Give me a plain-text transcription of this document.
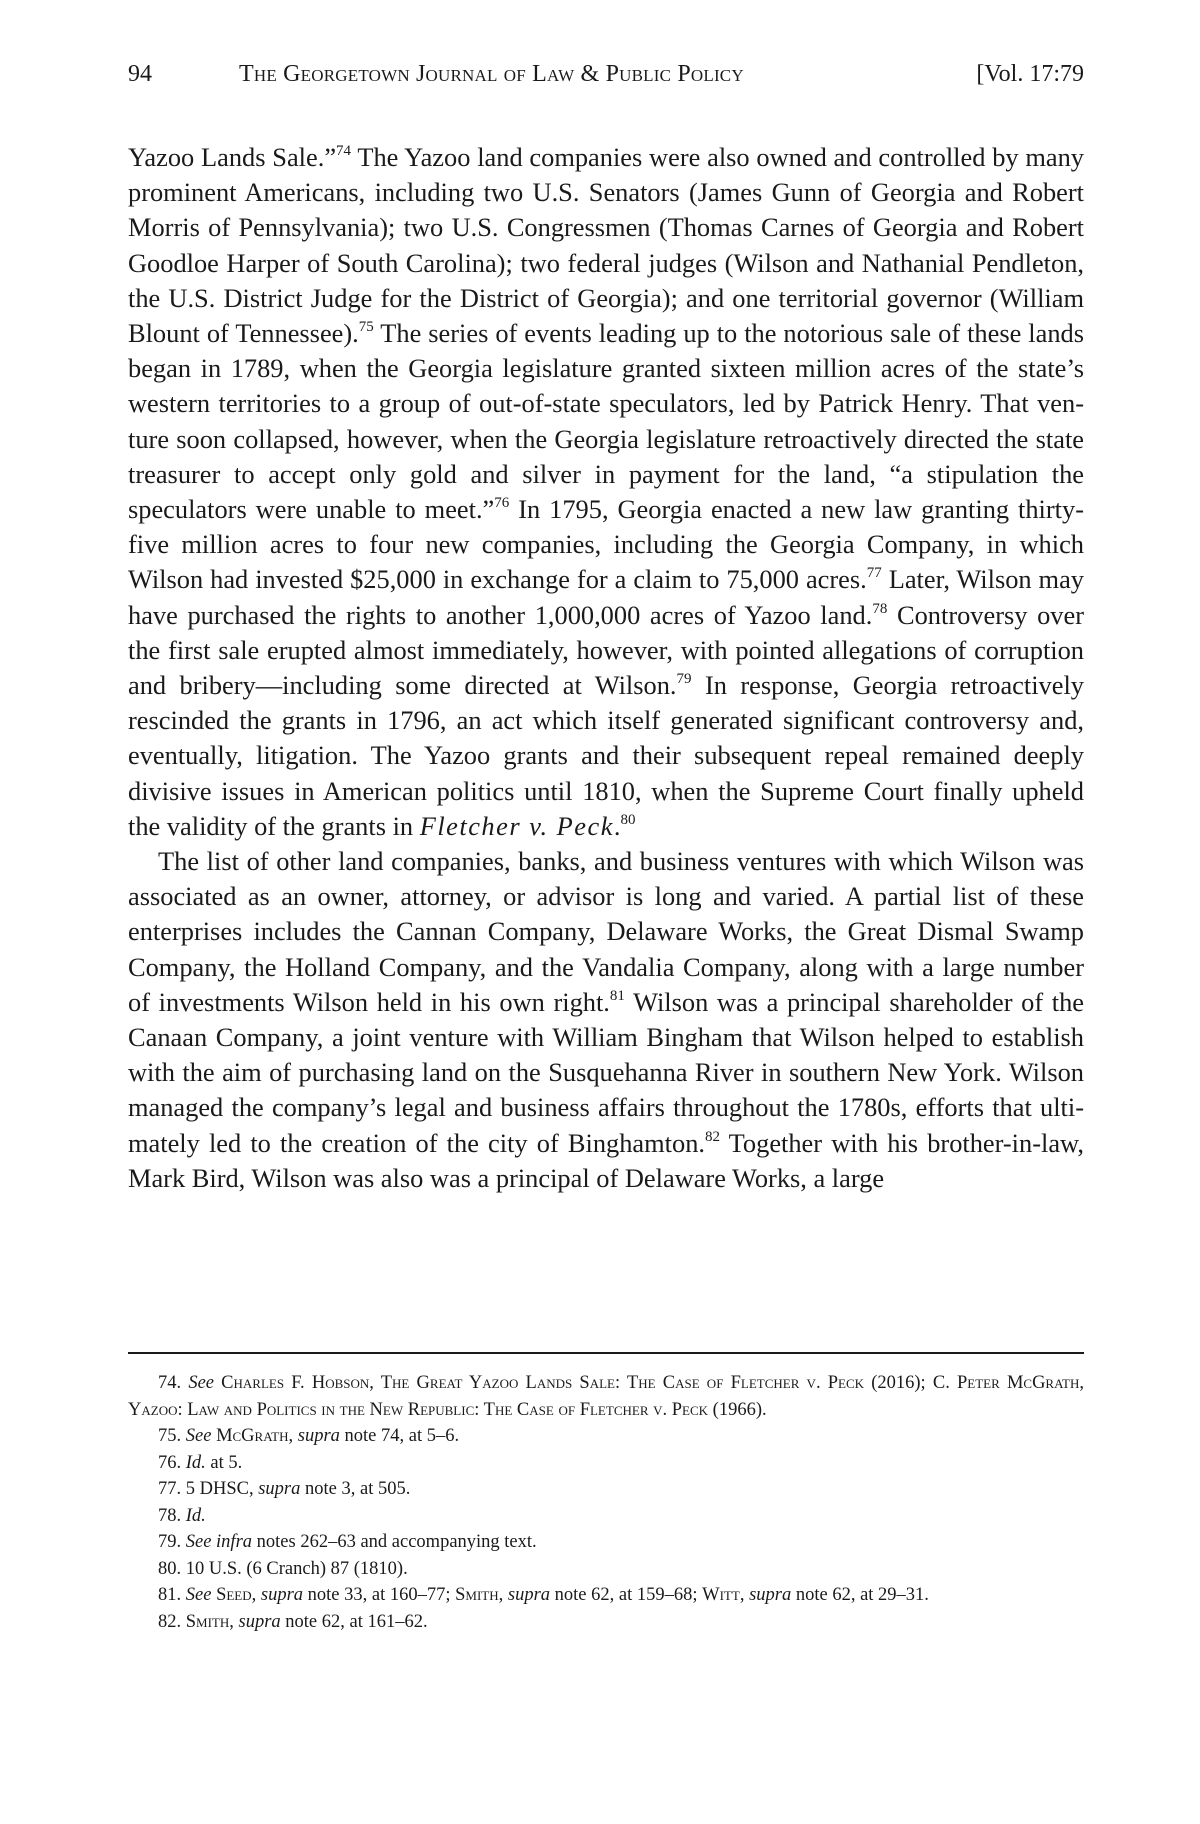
94	The Georgetown Journal of Law & Public Policy	[Vol. 17:79

Yazoo Lands Sale.”$^{74}$ The Yazoo land companies were also owned and controlled by many prominent Americans, including two U.S. Senators (James Gunn of Georgia and Robert Morris of Pennsylvania); two U.S. Congressmen (Thomas Carnes of Georgia and Robert Goodloe Harper of South Carolina); two federal judges (Wilson and Nathanial Pendleton, the U.S. District Judge for the District of Georgia); and one territorial governor (William Blount of Tennessee).$^{75}$ The series of events leading up to the notorious sale of these lands began in 1789, when the Georgia legislature granted sixteen million acres of the state’s western territories to a group of out-of-state speculators, led by Patrick Henry. That venture soon collapsed, however, when the Georgia legislature retroactively directed the state treasurer to accept only gold and silver in payment for the land, “a stipulation the speculators were unable to meet.”$^{76}$ In 1795, Georgia enacted a new law granting thirty-five million acres to four new companies, including the Georgia Company, in which Wilson had invested $25,000 in exchange for a claim to 75,000 acres.$^{77}$ Later, Wilson may have purchased the rights to another 1,000,000 acres of Yazoo land.$^{78}$ Controversy over the first sale erupted almost immediately, however, with pointed allegations of corruption and bribery—including some directed at Wilson.$^{79}$ In response, Georgia retroactively rescinded the grants in 1796, an act which itself generated significant controversy and, eventually, litigation. The Yazoo grants and their subsequent repeal remained deeply divisive issues in American politics until 1810, when the Supreme Court finally upheld the validity of the grants in Fletcher v. Peck.$^{80}$

The list of other land companies, banks, and business ventures with which Wilson was associated as an owner, attorney, or advisor is long and varied. A partial list of these enterprises includes the Cannan Company, Delaware Works, the Great Dismal Swamp Company, the Holland Company, and the Vandalia Company, along with a large number of investments Wilson held in his own right.$^{81}$ Wilson was a principal shareholder of the Canaan Company, a joint venture with William Bingham that Wilson helped to establish with the aim of purchasing land on the Susquehanna River in southern New York. Wilson managed the company’s legal and business affairs throughout the 1780s, efforts that ultimately led to the creation of the city of Binghamton.$^{82}$ Together with his brother-in-law, Mark Bird, Wilson was also was a principal of Delaware Works, a large

74. See Charles F. Hobson, The Great Yazoo Lands Sale: The Case of Fletcher v. Peck (2016); C. Peter McGrath, Yazoo: Law and Politics in the New Republic: The Case of Fletcher v. Peck (1966).

75. See McGrath, supra note 74, at 5–6.

76. Id. at 5.

77. 5 DHSC, supra note 3, at 505.

78. Id.

79. See infra notes 262–63 and accompanying text.

80. 10 U.S. (6 Cranch) 87 (1810).

81. See Seed, supra note 33, at 160–77; Smith, supra note 62, at 159–68; Witt, supra note 62, at 29–31.

82. Smith, supra note 62, at 161–62.
